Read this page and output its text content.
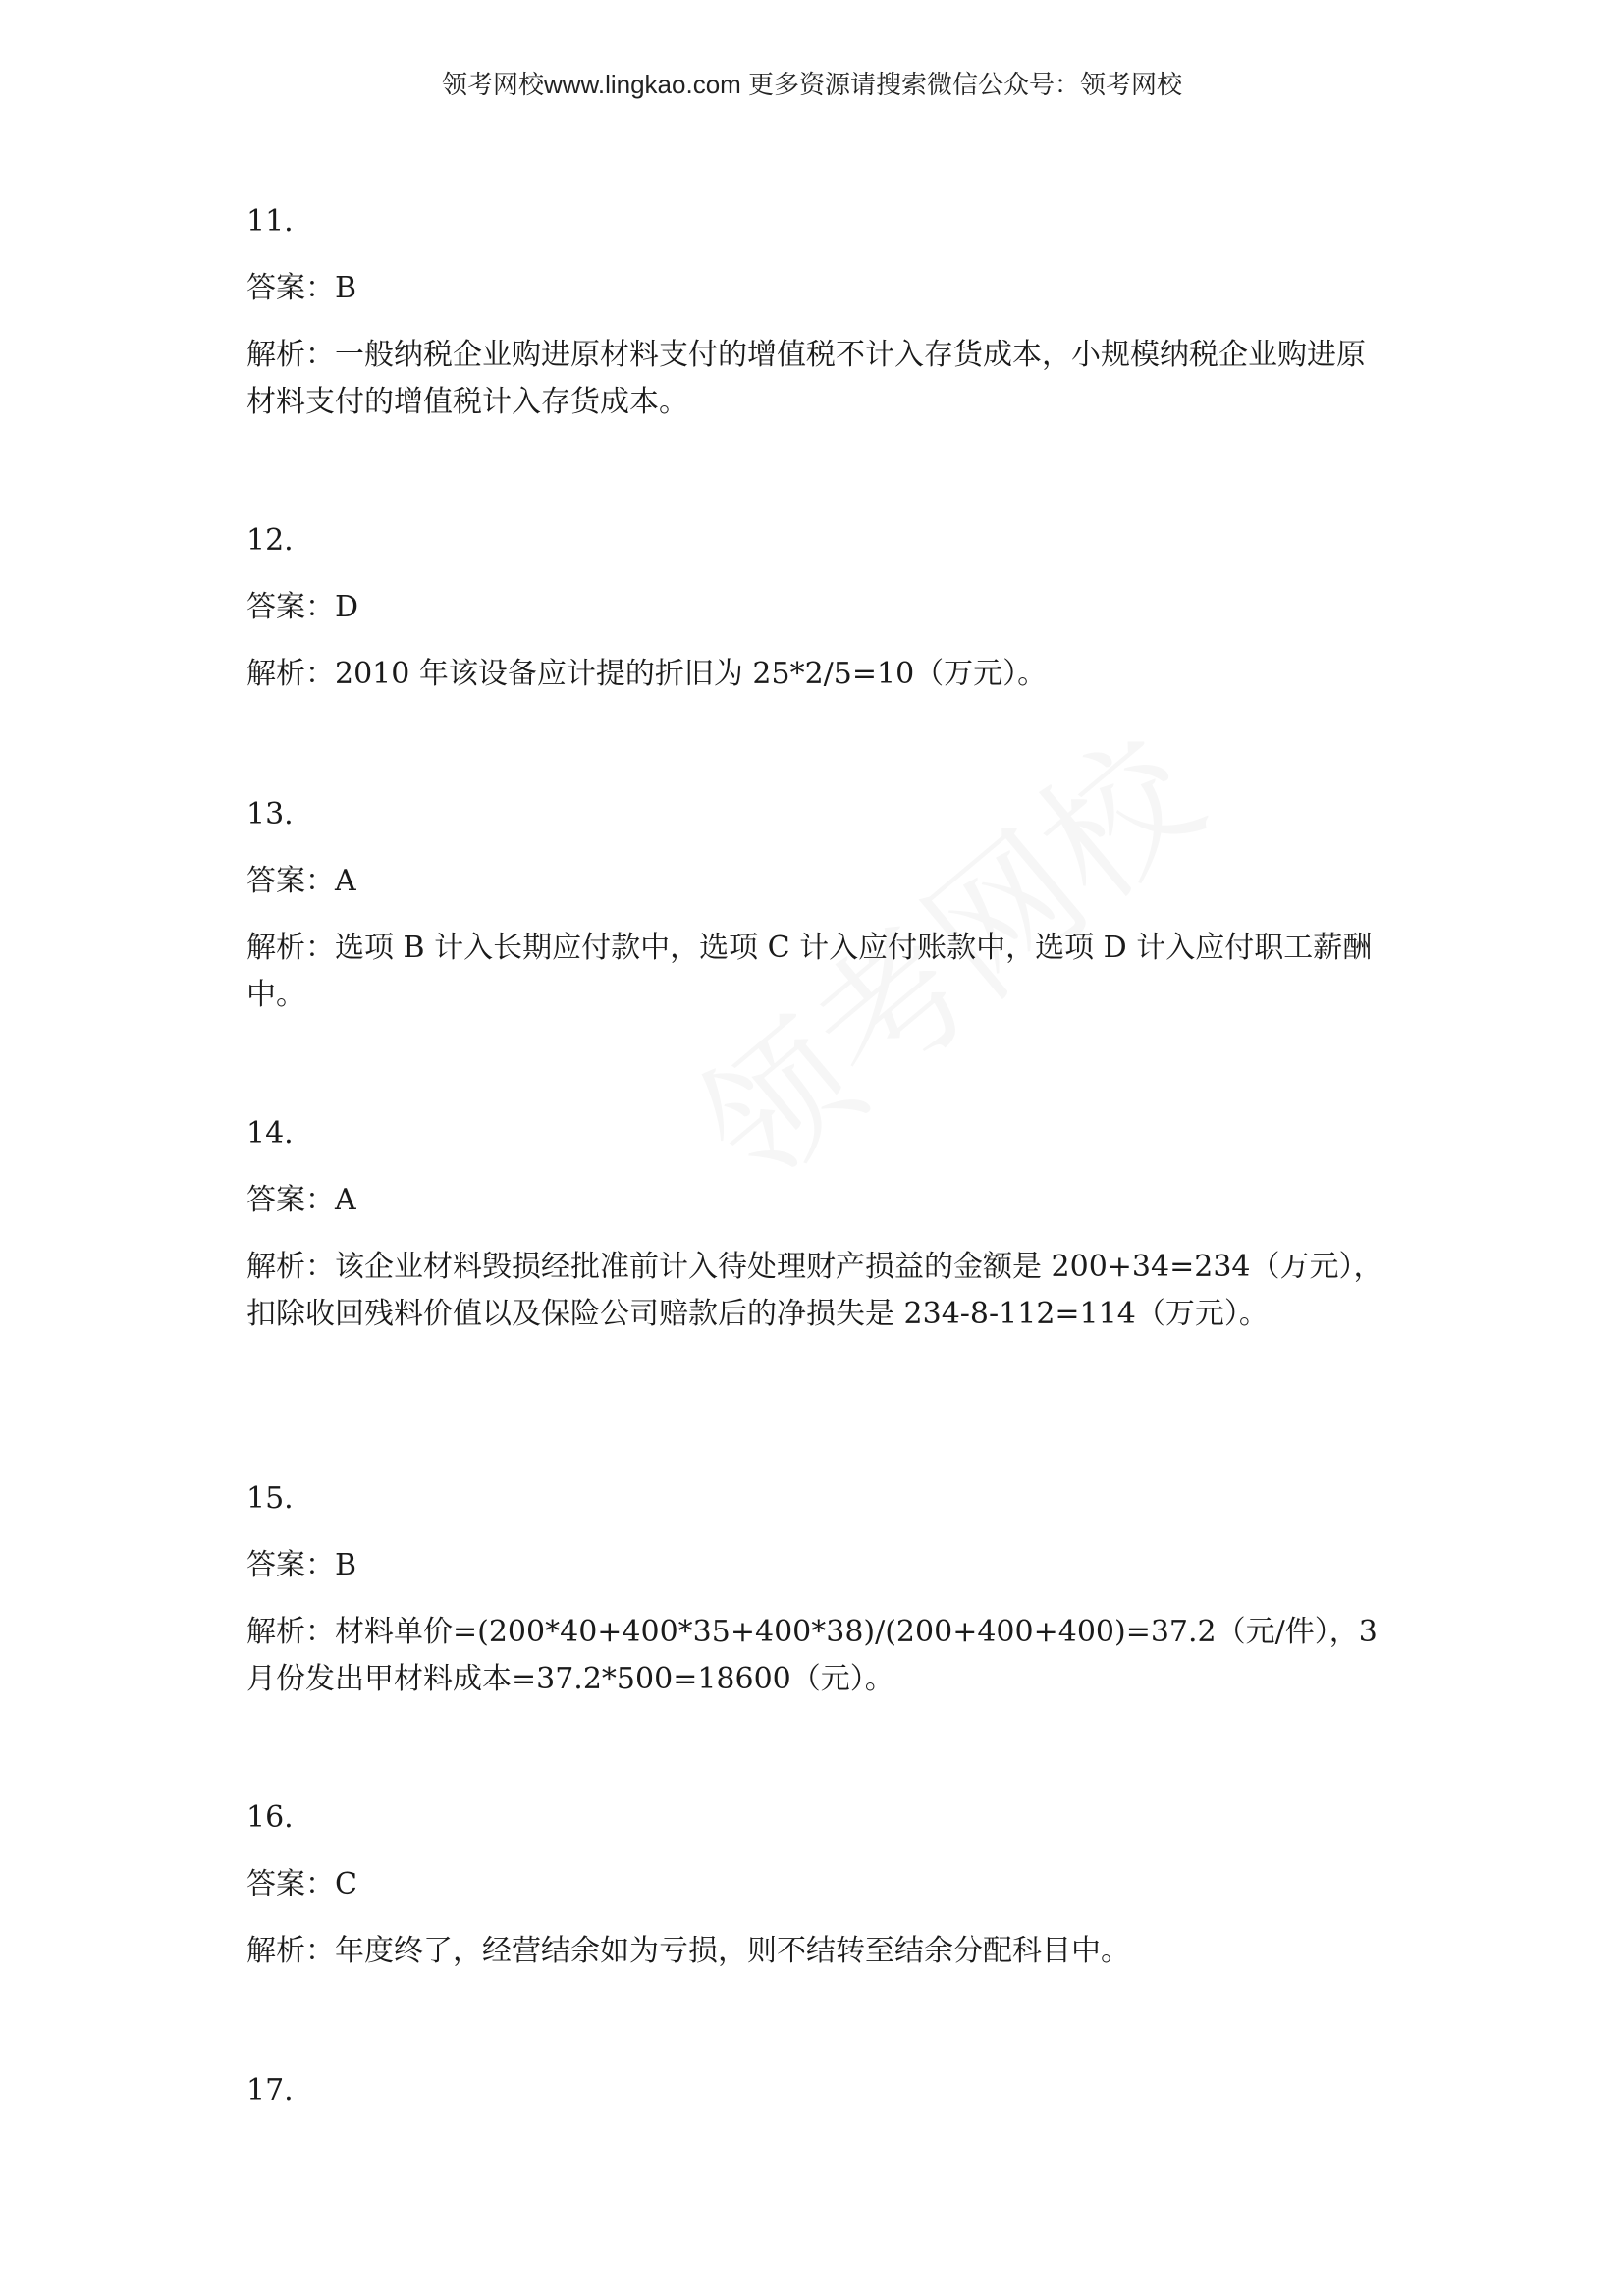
领考网校www.lingkao.com 更多资源请搜索微信公众号：领考网校

11.

答案：B

解析：一般纳税企业购进原材料支付的增值税不计入存货成本，小规模纳税企业购进原材料支付的增值税计入存货成本。

12.

答案：D

解析：2010 年该设备应计提的折旧为 25*2/5=10（万元）。

13.

答案：A

解析：选项 B 计入长期应付款中，选项 C 计入应付账款中，选项 D 计入应付职工薪酬中。

14.

答案：A

解析：该企业材料毁损经批准前计入待处理财产损益的金额是 200+34=234（万元），扣除收回残料价值以及保险公司赔款后的净损失是 234-8-112=114（万元）。

15.

答案：B

解析：材料单价=(200*40+400*35+400*38)/(200+400+400)=37.2（元/件），3 月份发出甲材料成本=37.2*500=18600（元）。

16.

答案：C

解析：年度终了，经营结余如为亏损，则不结转至结余分配科目中。

17.
